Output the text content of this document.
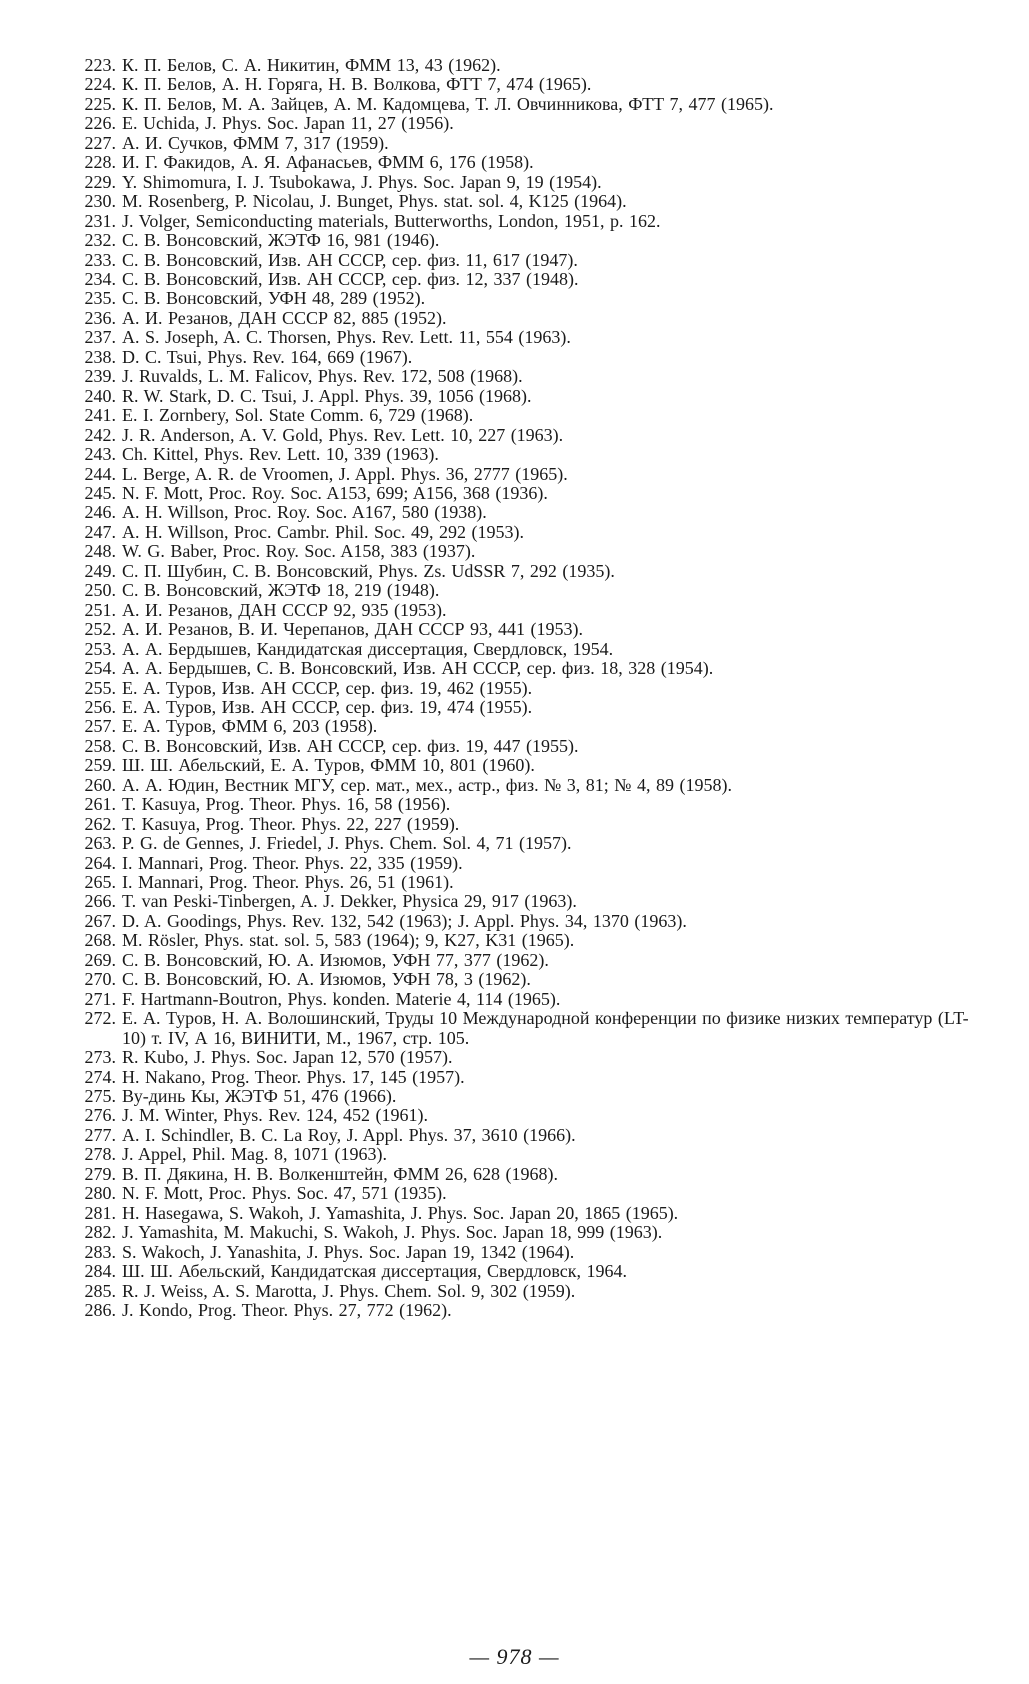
223. К. П. Белов, С. А. Никитин, ФММ 13, 43 (1962).

224. К. П. Белов, А. Н. Горяга, Н. В. Волкова, ФТТ 7, 474 (1965).

225. К. П. Белов, М. А. Зайцев, А. М. Кадомцева, Т. Л. Овчинникова, ФТТ 7, 477 (1965).

226. E. Uchida, J. Phys. Soc. Japan 11, 27 (1956).

227. А. И. Сучков, ФММ 7, 317 (1959).

228. И. Г. Факидов, А. Я. Афанасьев, ФММ 6, 176 (1958).

229. Y. Shimomura, I. J. Tsubokawa, J. Phys. Soc. Japan 9, 19 (1954).

230. M. Rosenberg, P. Nicolau, J. Bunget, Phys. stat. sol. 4, K125 (1964).

231. J. Volger, Semiconducting materials, Butterworths, London, 1951, p. 162.

232. С. В. Вонсовский, ЖЭТФ 16, 981 (1946).

233. С. В. Вонсовский, Изв. АН СССР, сер. физ. 11, 617 (1947).

234. С. В. Вонсовский, Изв. АН СССР, сер. физ. 12, 337 (1948).

235. С. В. Вонсовский, УФН 48, 289 (1952).

236. А. И. Резанов, ДАН СССР 82, 885 (1952).

237. A. S. Joseph, A. C. Thorsen, Phys. Rev. Lett. 11, 554 (1963).

238. D. C. Tsui, Phys. Rev. 164, 669 (1967).

239. J. Ruvalds, L. M. Falicov, Phys. Rev. 172, 508 (1968).

240. R. W. Stark, D. C. Tsui, J. Appl. Phys. 39, 1056 (1968).

241. E. I. Zornbery, Sol. State Comm. 6, 729 (1968).

242. J. R. Anderson, A. V. Gold, Phys. Rev. Lett. 10, 227 (1963).

243. Ch. Kittel, Phys. Rev. Lett. 10, 339 (1963).

244. L. Berge, A. R. de Vroomen, J. Appl. Phys. 36, 2777 (1965).

245. N. F. Mott, Proc. Roy. Soc. A153, 699; A156, 368 (1936).

246. A. H. Willson, Proc. Roy. Soc. A167, 580 (1938).

247. A. H. Willson, Proc. Cambr. Phil. Soc. 49, 292 (1953).

248. W. G. Baber, Proc. Roy. Soc. A158, 383 (1937).

249. С. П. Шубин, С. В. Вонсовский, Phys. Zs. UdSSR 7, 292 (1935).

250. С. В. Вонсовский, ЖЭТФ 18, 219 (1948).

251. А. И. Резанов, ДАН СССР 92, 935 (1953).

252. А. И. Резанов, В. И. Черепанов, ДАН СССР 93, 441 (1953).

253. А. А. Бердышев, Кандидатская диссертация, Свердловск, 1954.

254. А. А. Бердышев, С. В. Вонсовский, Изв. АН СССР, сер. физ. 18, 328 (1954).

255. Е. А. Туров, Изв. АН СССР, сер. физ. 19, 462 (1955).

256. Е. А. Туров, Изв. АН СССР, сер. физ. 19, 474 (1955).

257. Е. А. Туров, ФММ 6, 203 (1958).

258. С. В. Вонсовский, Изв. АН СССР, сер. физ. 19, 447 (1955).

259. Ш. Ш. Абельский, Е. А. Туров, ФММ 10, 801 (1960).

260. А. А. Юдин, Вестник МГУ, сер. мат., мех., астр., физ. № 3, 81; № 4, 89 (1958).

261. T. Kasuya, Prog. Theor. Phys. 16, 58 (1956).

262. T. Kasuya, Prog. Theor. Phys. 22, 227 (1959).

263. P. G. de Gennes, J. Friedel, J. Phys. Chem. Sol. 4, 71 (1957).

264. I. Mannari, Prog. Theor. Phys. 22, 335 (1959).

265. I. Mannari, Prog. Theor. Phys. 26, 51 (1961).

266. T. van Peski-Tinbergen, A. J. Dekker, Physica 29, 917 (1963).

267. D. A. Goodings, Phys. Rev. 132, 542 (1963); J. Appl. Phys. 34, 1370 (1963).

268. M. Rösler, Phys. stat. sol. 5, 583 (1964); 9, K27, K31 (1965).

269. С. В. Вонсовский, Ю. А. Изюмов, УФН 77, 377 (1962).

270. С. В. Вонсовский, Ю. А. Изюмов, УФН 78, 3 (1962).

271. F. Hartmann-Boutron, Phys. konden. Materie 4, 114 (1965).

272. Е. А. Туров, Н. А. Волошинский, Труды 10 Международной конференции по физике низких температур (LT-10) т. IV, А 16, ВИНИТИ, М., 1967, стр. 105.

273. R. Kubo, J. Phys. Soc. Japan 12, 570 (1957).

274. H. Nakano, Prog. Theor. Phys. 17, 145 (1957).

275. Ву-динь Кы, ЖЭТФ 51, 476 (1966).

276. J. M. Winter, Phys. Rev. 124, 452 (1961).

277. A. I. Schindler, B. C. La Roy, J. Appl. Phys. 37, 3610 (1966).

278. J. Appel, Phil. Mag. 8, 1071 (1963).

279. В. П. Дякина, Н. В. Волкенштейн, ФММ 26, 628 (1968).

280. N. F. Mott, Proc. Phys. Soc. 47, 571 (1935).

281. H. Hasegawa, S. Wakoh, J. Yamashita, J. Phys. Soc. Japan 20, 1865 (1965).

282. J. Yamashita, M. Makuchi, S. Wakoh, J. Phys. Soc. Japan 18, 999 (1963).

283. S. Wakoch, J. Yanashita, J. Phys. Soc. Japan 19, 1342 (1964).

284. Ш. Ш. Абельский, Кандидатская диссертация, Свердловск, 1964.

285. R. J. Weiss, A. S. Marotta, J. Phys. Chem. Sol. 9, 302 (1959).

286. J. Kondo, Prog. Theor. Phys. 27, 772 (1962).

— 978 —
